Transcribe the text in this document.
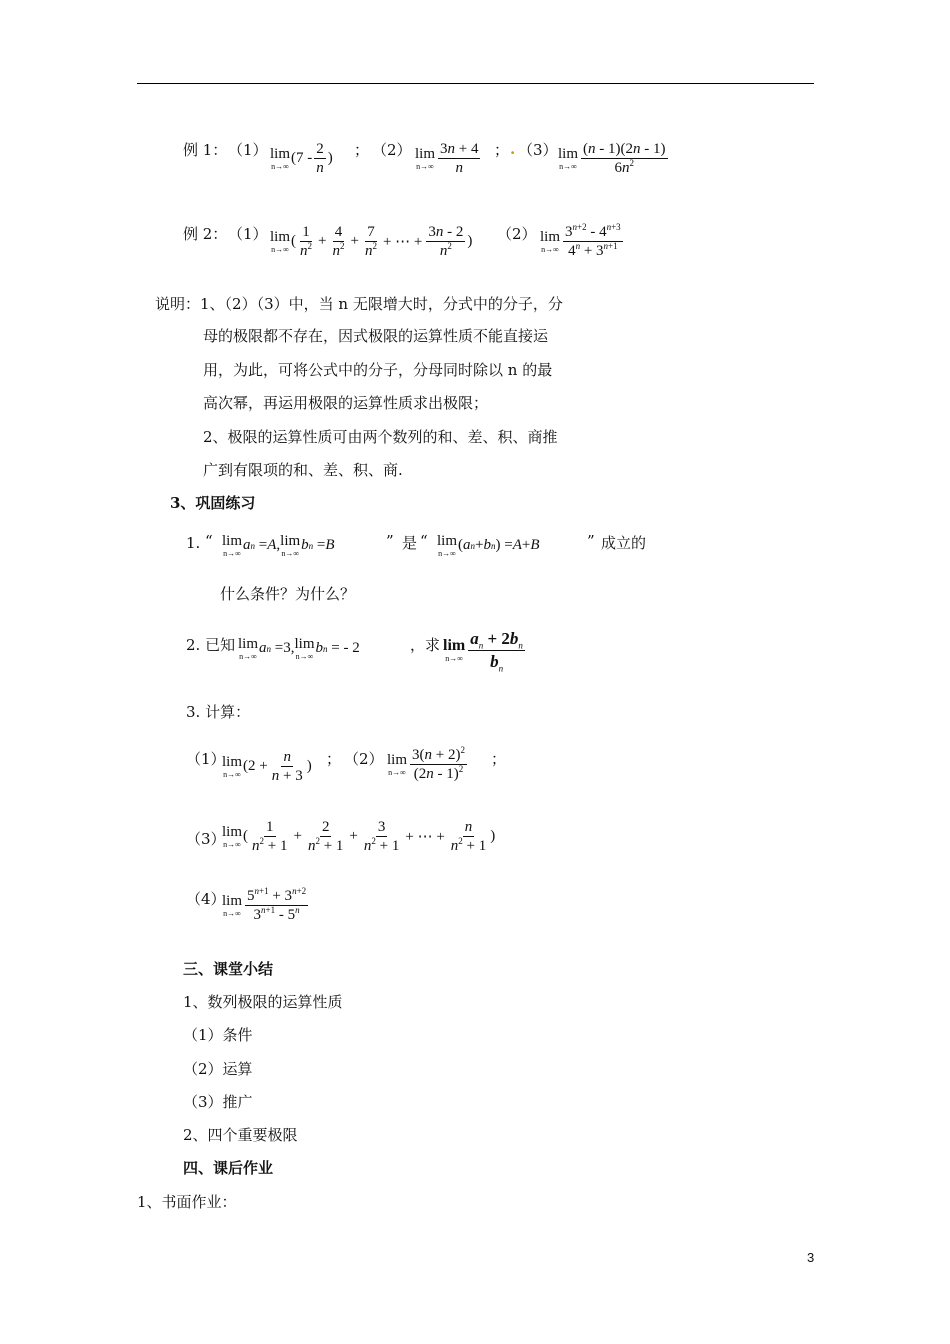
例 1： （1） lim
n→∞
($7 - \frac{2}{n}$ ) ； （2） lim
$n\to\infty \frac{3n + 4}{n}$ ； . （3） lim
$n\to\infty \frac{(n - 1)(2n - 1)}{6n^2}$
例 2： （1） lim
n→∞
( $\frac{1}{n^2} + \frac{4}{n^2} + \frac{7}{n^2}$ + ⋯ + $\frac{3n - 2}{n^2}$ ) （2） lim
$n\to\infty \frac{3^{n+2} - 4^{n+3}}{4^n + 3^{n+1}}$
说明：1、（2）（3）中，当 n 无限增大时，分式中的分子，分
母的极限都不存在，因式极限的运算性质不能直接运
用，为此，可将公式中的分子，分母同时除以 n 的最
高次幂，再运用极限的运算性质求出极限；
2、极限的运算性质可由两个数列的和、差、积、商推
广到有限项的和、差、积、商.
3、巩固练习
1. “ lim
n→∞
a n = A , lim
n→∞
b n = B	” 是 “ lim
n→∞
( a n + b n ) = A + B	” 成立的
什么条件？为什么？
2. 已知 lim
n→∞
a n =3, lim
n→∞
b n = - 2	，求 lim
$n\to\infty \frac{a_n + 2b_n}{b_n}$
3. 计算：
（1）
lim
n→∞
($2 + \frac{n}{n + 3}$ ) ； （2） lim
$n\to\infty \frac{3(n + 2)^2}{(2n - 1)^2}$ ；
（3）
lim
n→∞
( $\frac{1}{n^2 + 1} + \frac{2}{n^2 + 1} + \frac{3}{n^2 + 1}$ + ⋯ + $\frac{n}{n^2 + 1}$ )
（4）
lim
$n\to\infty \frac{5^{n+1} + 3^{n+2}}{3^{n+1} - 5^n}$
三、课堂小结
1、数列极限的运算性质
（1）条件
（2）运算
（3）推广
2、四个重要极限
四、课后作业
1、书面作业：
3
